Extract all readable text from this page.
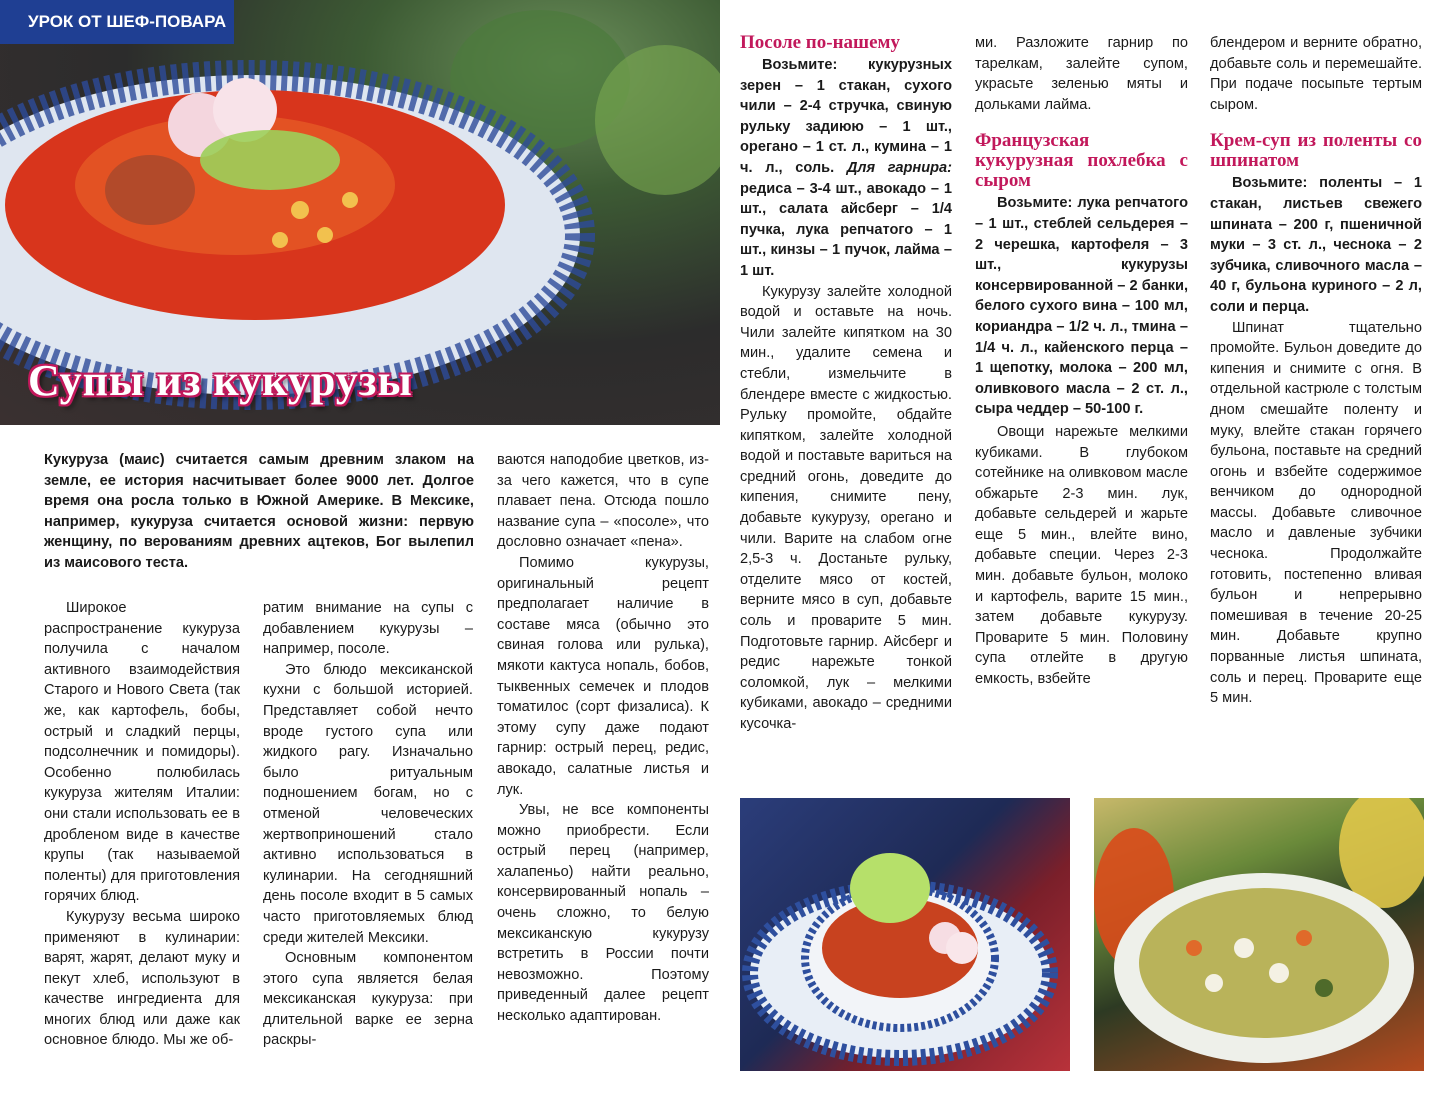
УРОК ОТ ШЕФ-ПОВАРА
Супы из кукурузы

Кукуруза (маис) считается самым древним злаком на земле, ее история насчитывает более 9000 лет. Долгое время она росла только в Южной Америке. В Мексике, например, кукуруза считается основой жизни: первую женщину, по верованиям древних ацтеков, Бог вылепил из маисового теста.

Широкое распространение кукуруза получила с началом активного взаимодействия Старого и Нового Света (так же, как картофель, бобы, острый и сладкий перцы, подсолнечник и помидоры). Особенно полюбилась кукуруза жителям Италии: они стали использовать ее в дробленом виде в качестве крупы (так называемой поленты) для приготовления горячих блюд.

Кукурузу весьма широко применяют в кулинарии: варят, жарят, делают муку и пекут хлеб, используют в качестве ингредиента для многих блюд или даже как основное блюдо. Мы же об-

ратим внимание на супы с добавлением кукурузы – например, посоле.

Это блюдо мексиканской кухни с большой историей. Представляет собой нечто вроде густого супа или жидкого рагу. Изначально было ритуальным подношением богам, но с отменой человеческих жертвоприношений стало активно использоваться в кулинарии. На сегодняшний день посоле входит в 5 самых часто приготовляемых блюд среди жителей Мексики.

Основным компонентом этого супа является белая мексиканская кукуруза: при длительной варке ее зерна раскры-

ваются наподобие цветков, из-за чего кажется, что в супе плавает пена. Отсюда пошло название супа – «посоле», что дословно означает «пена».

Помимо кукурузы, оригинальный рецепт предполагает наличие в составе мяса (обычно это свиная голова или рулька), мякоти кактуса нопаль, бобов, тыквенных семечек и плодов томатилос (сорт физалиса). К этому супу даже подают гарнир: острый перец, редис, авокадо, салатные листья и лук.

Увы, не все компоненты можно приобрести. Если острый перец (например, халапеньо) найти реально, консервированный нопаль – очень сложно, то белую мексиканскую кукурузу встретить в России почти невозможно. Поэтому приведенный далее рецепт несколько адаптирован.

Посоле по-нашему

Возьмите: кукурузных зерен – 1 стакан, сухого чили – 2-4 стручка, свиную рульку задиюю – 1 шт., орегано – 1 ст. л., кумина – 1 ч. л., соль. Для гарнира: редиса – 3-4 шт., авокадо – 1 шт., салата айсберг – 1/4 пучка, лука репчатого – 1 шт., кинзы – 1 пучок, лайма – 1 шт.

Кукурузу залейте холодной водой и оставьте на ночь. Чили залейте кипятком на 30 мин., удалите семена и стебли, измельчите в блендере вместе с жидкостью. Рульку промойте, обдайте кипятком, залейте холодной водой и поставьте вариться на средний огонь, доведите до кипения, снимите пену, добавьте кукурузу, орегано и чили. Варите на слабом огне 2,5-3 ч. Достаньте рульку, отделите мясо от костей, верните мясо в суп, добавьте соль и проварите 5 мин. Подготовьте гарнир. Айсберг и редис нарежьте тонкой соломкой, лук – мелкими кубиками, авокадо – средними кусочка-

ми. Разложите гарнир по тарелкам, залейте супом, украсьте зеленью мяты и дольками лайма.

Французская кукурузная похлебка с сыром

Возьмите: лука репчатого – 1 шт., стеблей сельдерея – 2 черешка, картофеля – 3 шт., кукурузы консервированной – 2 банки, белого сухого вина – 100 мл, кориандра – 1/2 ч. л., тмина – 1/4 ч. л., кайенского перца – 1 щепотку, молока – 200 мл, оливкового масла – 2 ст. л., сыра чеддер – 50-100 г.

Овощи нарежьте мелкими кубиками. В глубоком сотейнике на оливковом масле обжарьте 2-3 мин. лук, добавьте сельдерей и жарьте еще 5 мин., влейте вино, добавьте специи. Через 2-3 мин. добавьте бульон, молоко и картофель, варите 15 мин., затем добавьте кукурузу. Проварите 5 мин. Половину супа отлейте в другую емкость, взбейте

блендером и верните обратно, добавьте соль и перемешайте. При подаче посыпьте тертым сыром.

Крем-суп из поленты со шпинатом

Возьмите: поленты – 1 стакан, листьев свежего шпината – 200 г, пшеничной муки – 3 ст. л., чеснока – 2 зубчика, сливочного масла – 40 г, бульона куриного – 2 л, соли и перца.

Шпинат тщательно промойте. Бульон доведите до кипения и снимите с огня. В отдельной кастрюле с толстым дном смешайте поленту и муку, влейте стакан горячего бульона, поставьте на средний огонь и взбейте содержимое венчиком до однородной массы. Добавьте сливочное масло и давленые зубчики чеснока. Продолжайте готовить, постепенно вливая бульон и непрерывно помешивая в течение 20-25 мин. Добавьте крупно порванные листья шпината, соль и перец. Проварите еще 5 мин.
